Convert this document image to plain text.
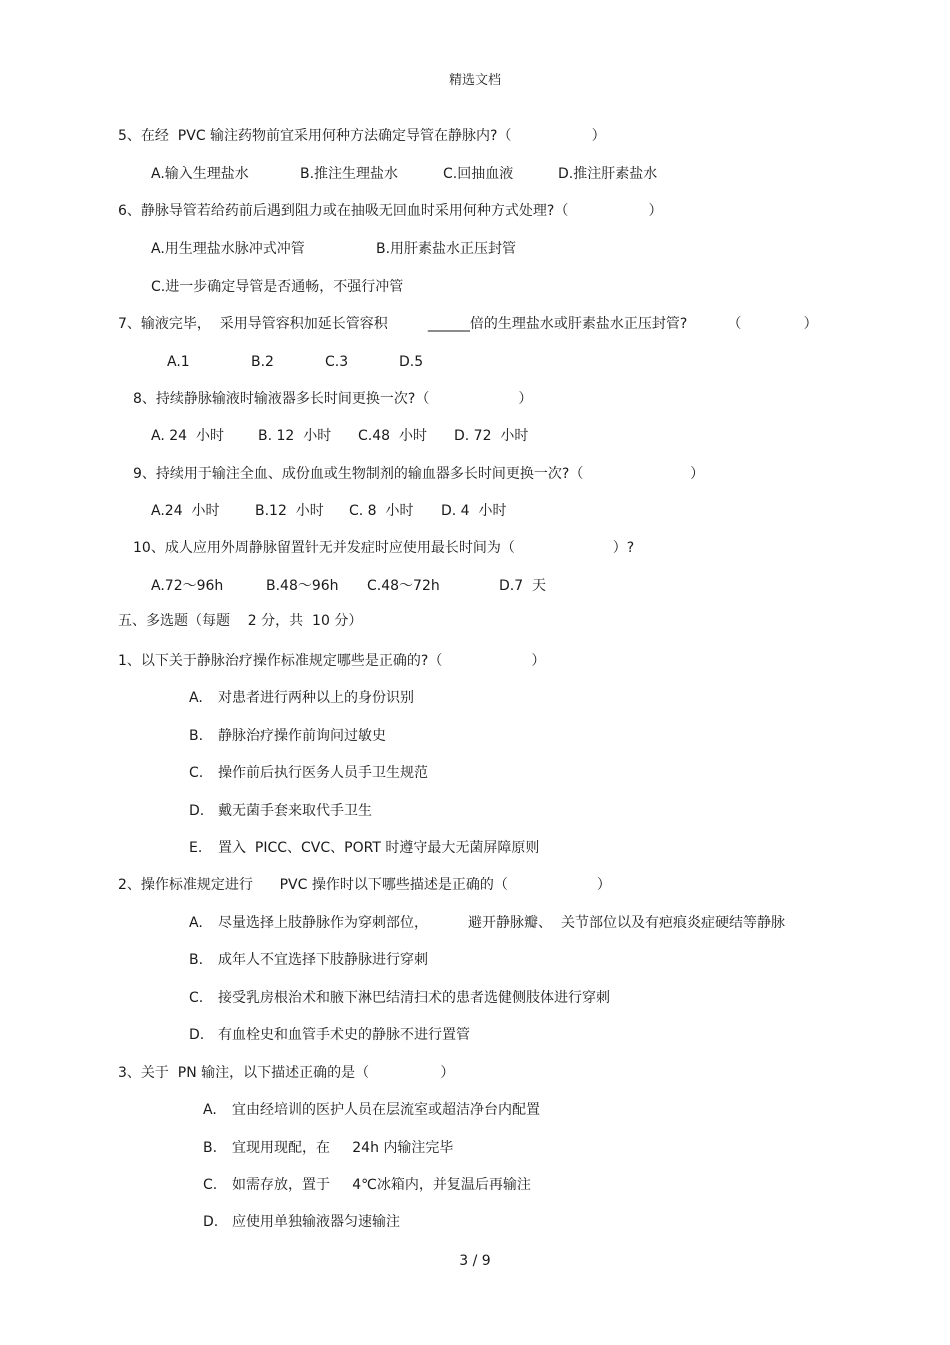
精选文档
5、在经  PVC 输注药物前宜采用何种方法确定导管在静脉内?（                  ）
A.输入生理盐水	B.推注生理盐水	C.回抽血液	D.推注肝素盐水
6、静脉导管若给药前后遇到阻力或在抽吸无回血时采用何种方式处理?（                  ）
A.用生理盐水脉冲式冲管	B.用肝素盐水正压封管
C.进一步确定导管是否通畅，不强行冲管
7、输液完毕，  采用导管容积加延长管容积         ______倍的生理盐水或肝素盐水正压封管?         （              ）
A.1	B.2	C.3	D.5
8、持续静脉输液时输液器多长时间更换一次?（                    ）
A. 24  小时 B. 12  小时 C.48  小时 D. 72  小时
9、持续用于输注全血、成份血或生物制剂的输血器多长时间更换一次?（                        ）
A.24  小时	B.12  小时 C. 8  小时 D. 4  小时
10、成人应用外周静脉留置针无并发症时应使用最长时间为（                      ）?
A.72～96h	B.48～96h C.48～72h	D.7  天
五、多选题（每题    2 分，共  10 分）
1、以下关于静脉治疗操作标准规定哪些是正确的?（                    ）
A. 对患者进行两种以上的身份识别
B. 静脉治疗操作前询问过敏史
C. 操作前后执行医务人员手卫生规范
D. 戴无菌手套来取代手卫生
E. 置入  PICC、CVC、PORT 时遵守最大无菌屏障原则
2、操作标准规定进行      PVC 操作时以下哪些描述是正确的（                    ）
A. 尽量选择上肢静脉作为穿刺部位，         避开静脉瓣、  关节部位以及有疤痕炎症硬结等静脉
B. 成年人不宜选择下肢静脉进行穿刺
C. 接受乳房根治术和腋下淋巴结清扫术的患者选健侧肢体进行穿刺
D. 有血栓史和血管手术史的静脉不进行置管
3、关于  PN 输注，以下描述正确的是（                ）
A. 宜由经培训的医护人员在层流室或超洁净台内配置
B. 宜现用现配，在     24h 内输注完毕
C. 如需存放，置于     4℃冰箱内，并复温后再输注
D. 应使用单独输液器匀速输注
3 / 9
